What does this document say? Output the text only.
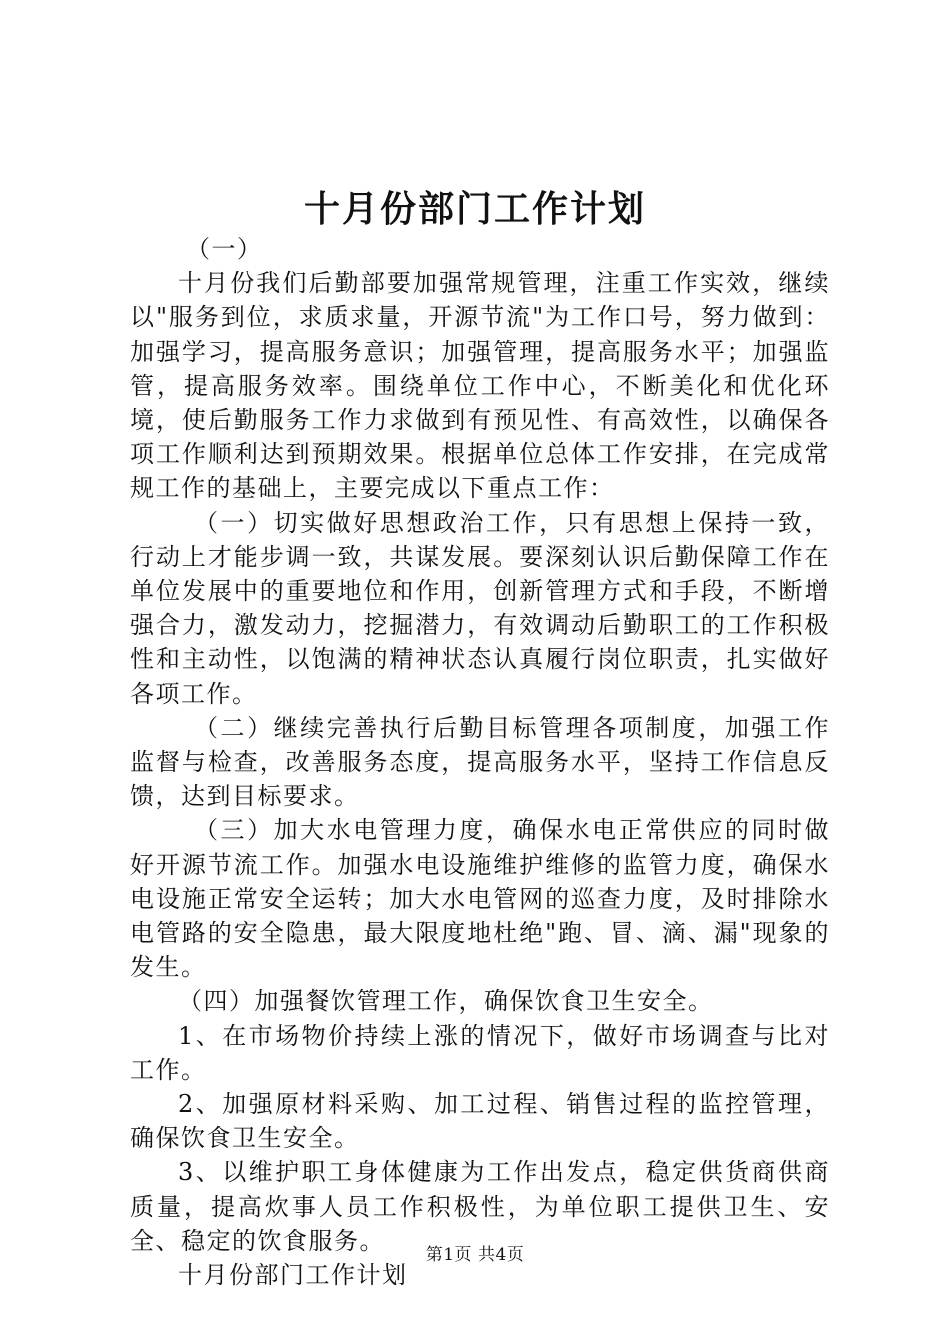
十月份部门工作计划

（一）

十月份我们后勤部要加强常规管理，注重工作实效，继续以"服务到位，求质求量，开源节流"为工作口号，努力做到：加强学习，提高服务意识；加强管理，提高服务水平；加强监管，提高服务效率。围绕单位工作中心，不断美化和优化环境，使后勤服务工作力求做到有预见性、有高效性，以确保各项工作顺利达到预期效果。根据单位总体工作安排，在完成常规工作的基础上，主要完成以下重点工作：

（一）切实做好思想政治工作，只有思想上保持一致，行动上才能步调一致，共谋发展。要深刻认识后勤保障工作在单位发展中的重要地位和作用，创新管理方式和手段，不断增强合力，激发动力，挖掘潜力，有效调动后勤职工的工作积极性和主动性，以饱满的精神状态认真履行岗位职责，扎实做好各项工作。

（二）继续完善执行后勤目标管理各项制度，加强工作监督与检查，改善服务态度，提高服务水平，坚持工作信息反馈，达到目标要求。

（三）加大水电管理力度，确保水电正常供应的同时做好开源节流工作。加强水电设施维护维修的监管力度，确保水电设施正常安全运转；加大水电管网的巡查力度，及时排除水电管路的安全隐患，最大限度地杜绝"跑、冒、滴、漏"现象的发生。

（四）加强餐饮管理工作，确保饮食卫生安全。

1、在市场物价持续上涨的情况下，做好市场调查与比对工作。

2、加强原材料采购、加工过程、销售过程的监控管理，确保饮食卫生安全。

3、以维护职工身体健康为工作出发点，稳定供货商供商质量，提高炊事人员工作积极性，为单位职工提供卫生、安全、稳定的饮食服务。

十月份部门工作计划

第1页 共4页
